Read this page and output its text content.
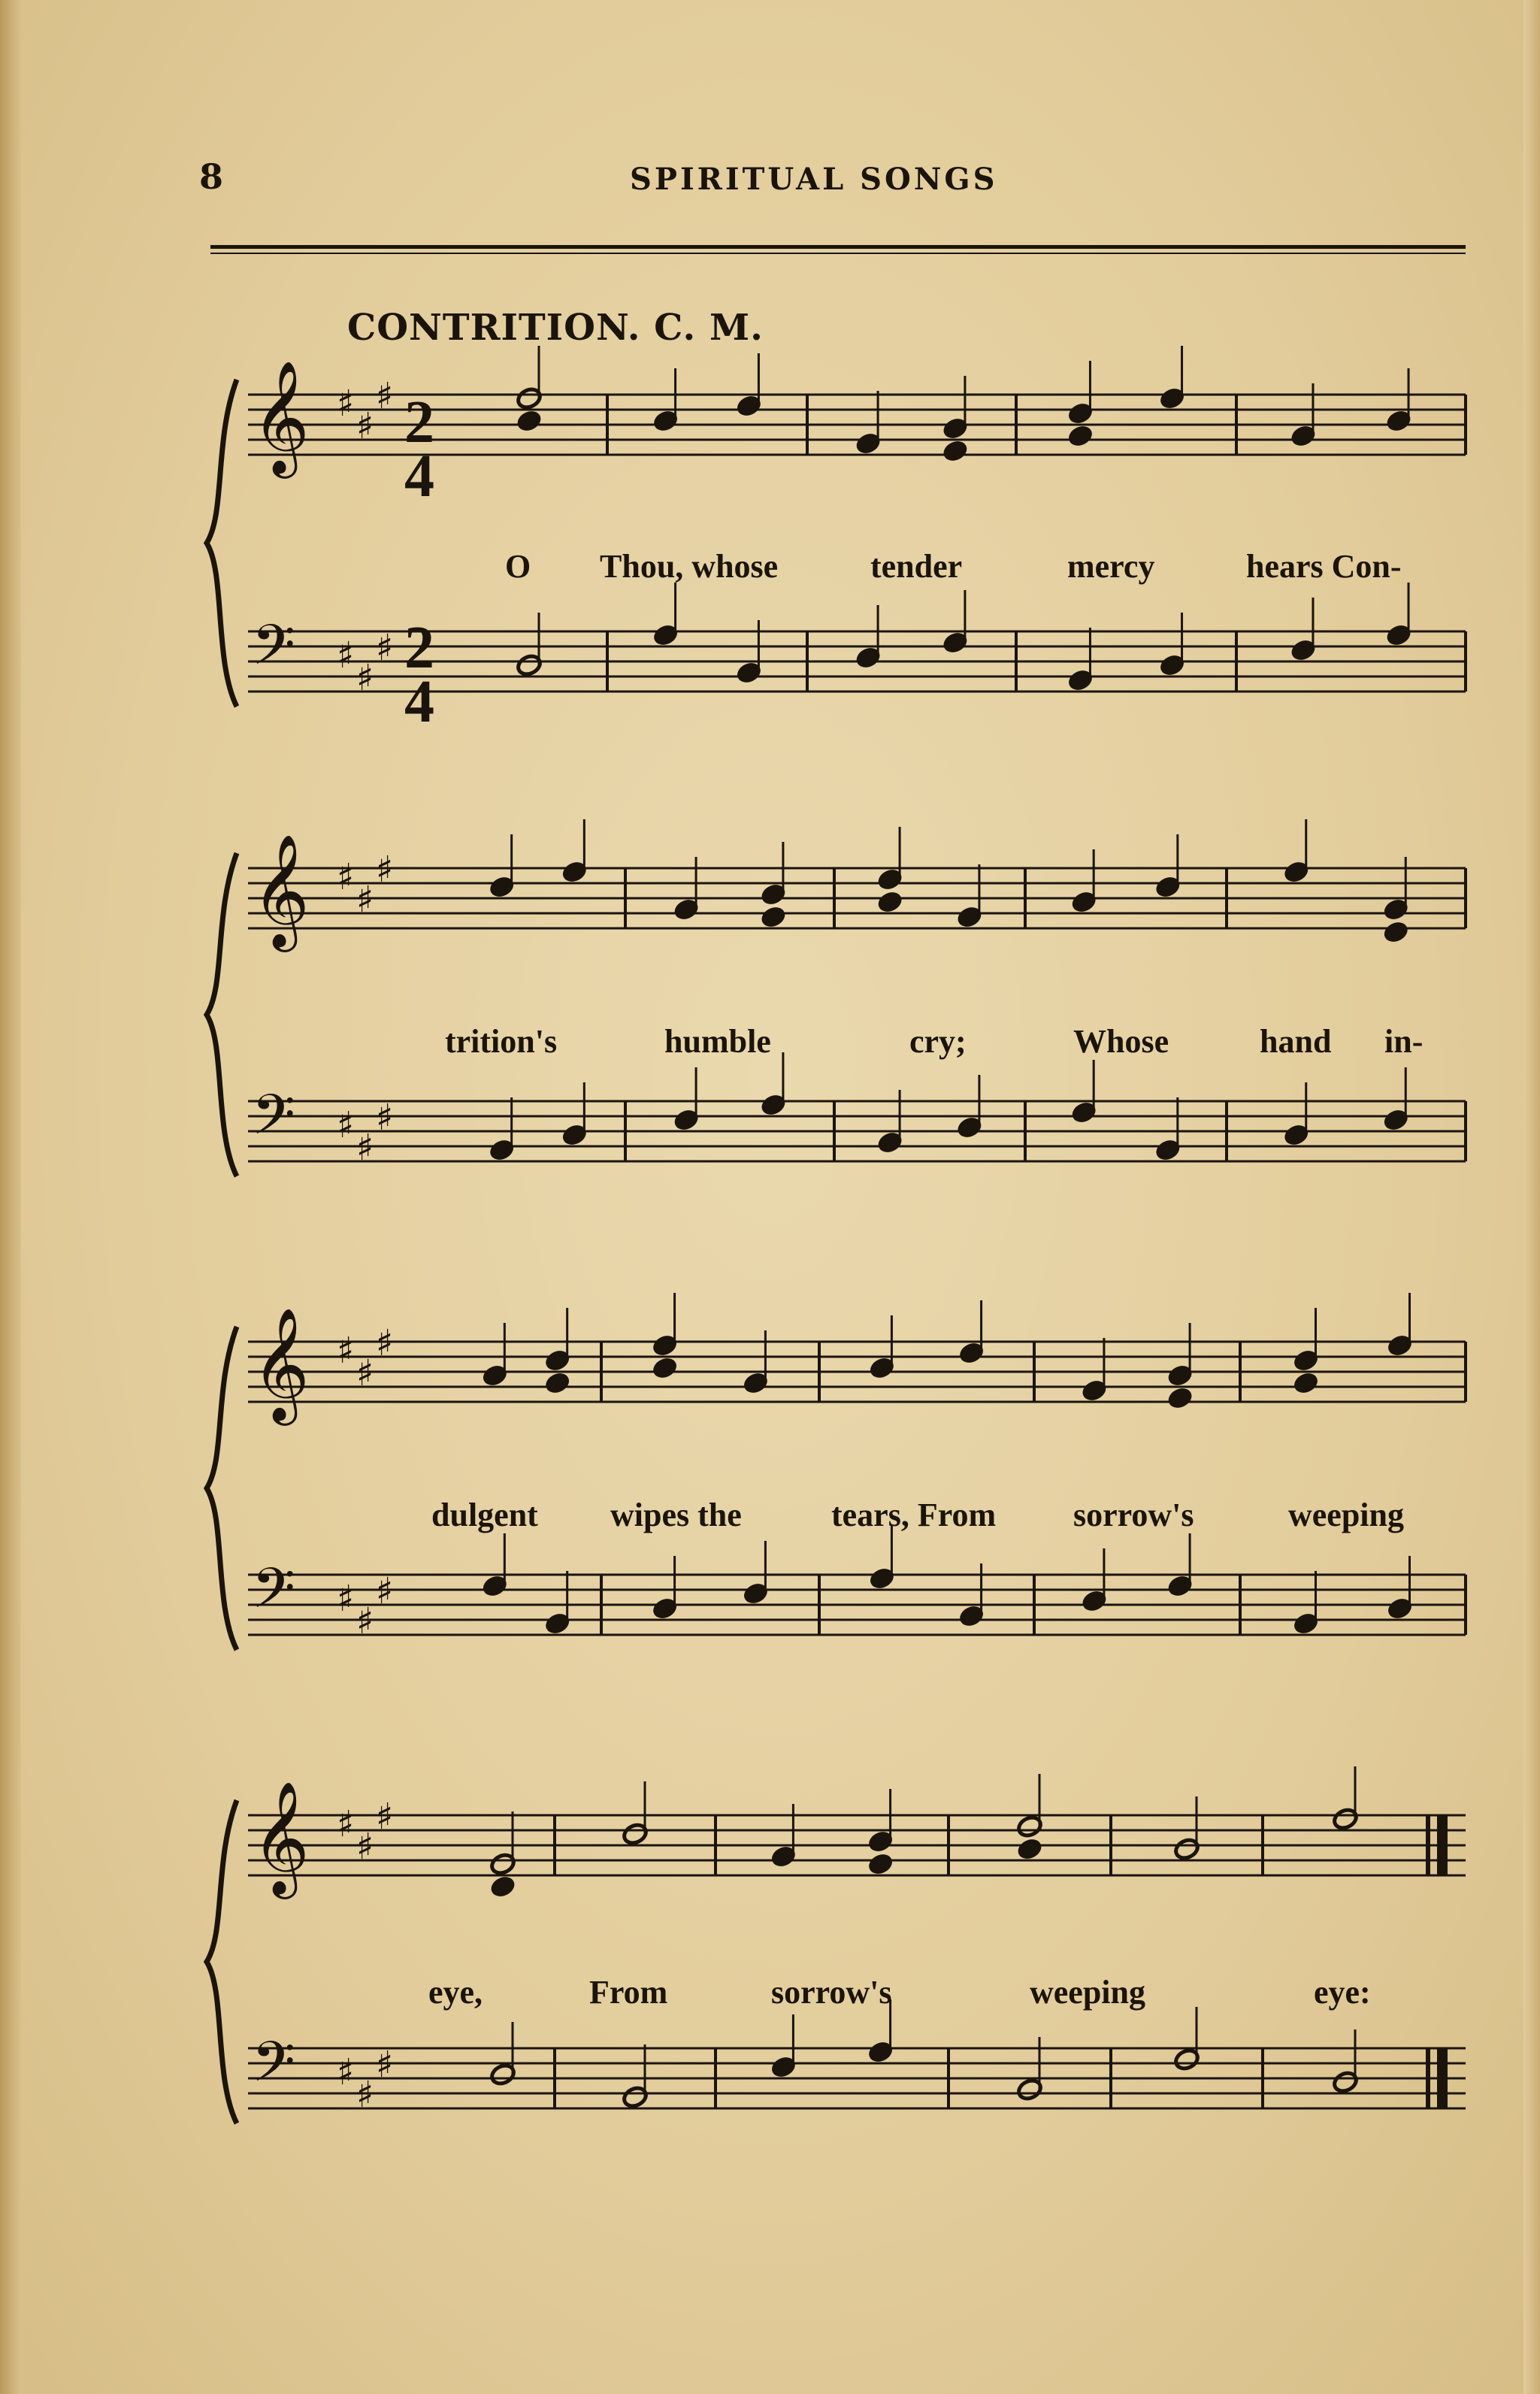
8	SPIRITUAL SONGS
CONTRITION. C. M.
O Thou, whose	tender	mercy	hears Con-
trition's	humble	cry;	Whose	hand in-
dulgent wipes the	tears, From sorrow's	weeping
eye,	From	sorrow's	weeping	eye:
2
4
2
4
𝄞 ♯
♯
♯
𝄢 ♯
♯
♯
𝄞 ♯
♯
♯
𝄢 ♯
♯
♯
𝄞 ♯
♯
♯
𝄢 ♯
♯
♯
𝄞 ♯
♯
♯
𝄢 ♯
♯
♯
